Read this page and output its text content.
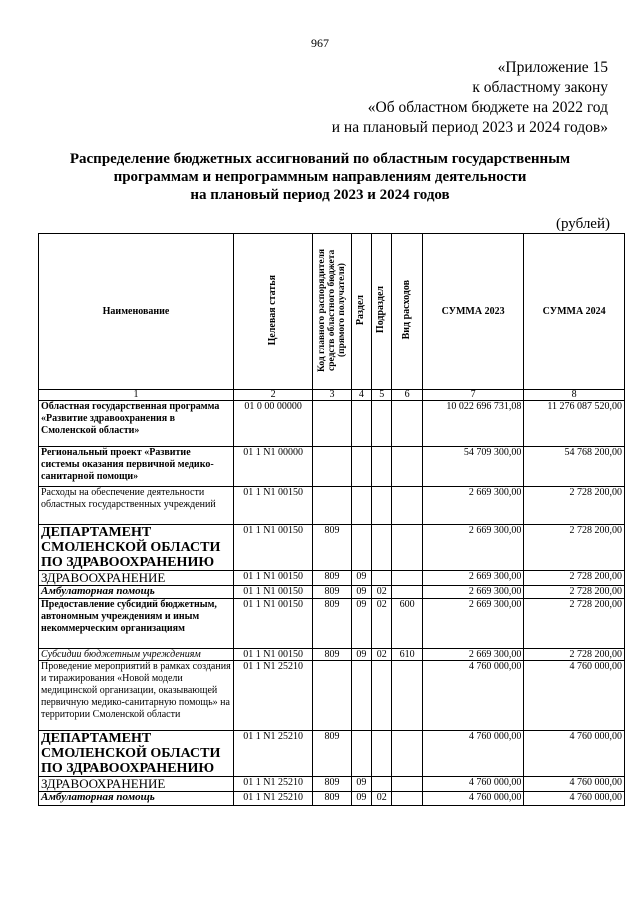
967
«Приложение 15
к областному закону
«Об областном бюджете на 2022 год
и на плановый период 2023 и 2024 годов»
Распределение бюджетных ассигнований по областным государственным
программам и непрограммным направлениям деятельности
на плановый период 2023 и 2024 годов
(рублей)
Наименование	Целевая статья	Код главного распорядителя средств областного бюджета (прямого получателя)	Раздел	Подраздел	Вид расходов	СУММА 2023	СУММА 2024
1	2	3	4	5	6	7	8
Областная государственная программа «Развитие здравоохранения в Смоленской области»	01 0 00 00000					10 022 696 731,08	11 276 087 520,00
Региональный проект «Развитие системы оказания первичной медико-санитарной помощи»	01 1 N1 00000					54 709 300,00	54 768 200,00
Расходы на обеспечение деятельности областных государственных учреждений	01 1 N1 00150					2 669 300,00	2 728 200,00
ДЕПАРТАМЕНТ СМОЛЕНСКОЙ ОБЛАСТИ ПО ЗДРАВООХРАНЕНИЮ	01 1 N1 00150	809				2 669 300,00	2 728 200,00
ЗДРАВООХРАНЕНИЕ	01 1 N1 00150	809	09			2 669 300,00	2 728 200,00
Амбулаторная помощь	01 1 N1 00150	809	09	02		2 669 300,00	2 728 200,00
Предоставление субсидий бюджетным, автономным учреждениям и иным некоммерческим организациям	01 1 N1 00150	809	09	02	600	2 669 300,00	2 728 200,00
Субсидии бюджетным учреждениям	01 1 N1 00150	809	09	02	610	2 669 300,00	2 728 200,00
Проведение мероприятий в рамках создания и тиражирования «Новой модели медицинской организации, оказывающей первичную медико-санитарную помощь» на территории Смоленской области	01 1 N1 25210					4 760 000,00	4 760 000,00
ДЕПАРТАМЕНТ СМОЛЕНСКОЙ ОБЛАСТИ ПО ЗДРАВООХРАНЕНИЮ	01 1 N1 25210	809				4 760 000,00	4 760 000,00
ЗДРАВООХРАНЕНИЕ	01 1 N1 25210	809	09			4 760 000,00	4 760 000,00
Амбулаторная помощь	01 1 N1 25210	809	09	02		4 760 000,00	4 760 000,00
